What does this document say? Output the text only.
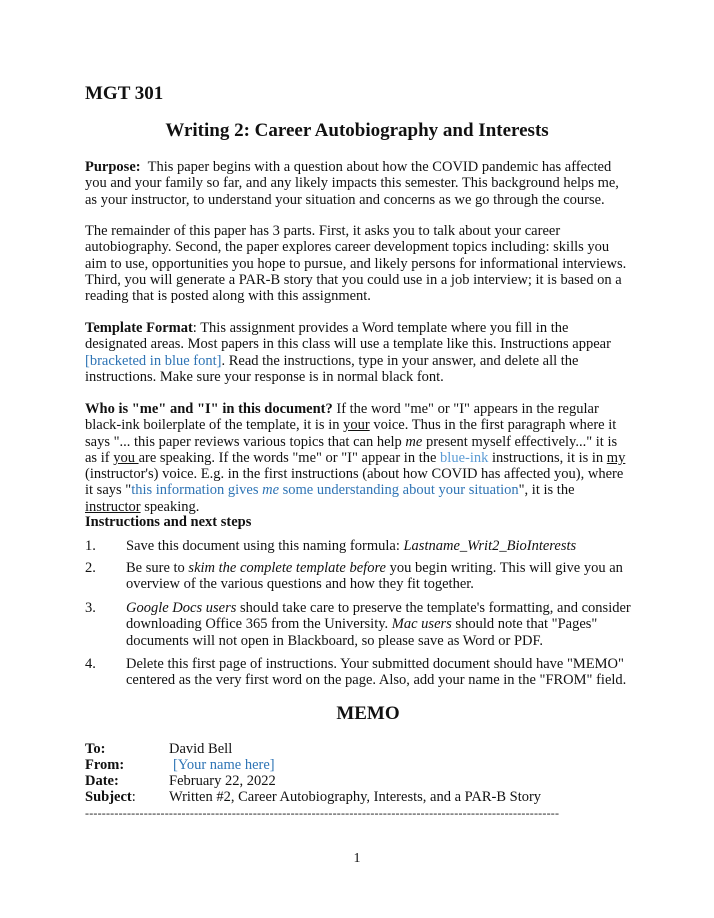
MGT 301
Writing 2: Career Autobiography and Interests

Purpose: This paper begins with a question about how the COVID pandemic has affected you and your family so far, and any likely impacts this semester. This background helps me, as your instructor, to understand your situation and concerns as we go through the course.

The remainder of this paper has 3 parts. First, it asks you to talk about your career autobiography. Second, the paper explores career development topics including: skills you aim to use, opportunities you hope to pursue, and likely persons for informational interviews. Third, you will generate a PAR-B story that you could use in a job interview; it is based on a reading that is posted along with this assignment.

Template Format: This assignment provides a Word template where you fill in the designated areas. Most papers in this class will use a template like this. Instructions appear [bracketed in blue font]. Read the instructions, type in your answer, and delete all the instructions. Make sure your response is in normal black font.

Who is "me" and "I" in this document? If the word "me" or "I" appears in the regular black-ink boilerplate of the template, it is in your voice. Thus in the first paragraph where it says "... this paper reviews various topics that can help me present myself effectively..." it is as if you are speaking. If the words "me" or "I" appear in the blue-ink instructions, it is in my (instructor's) voice. E.g. in the first instructions (about how COVID has affected you), where it says "this information gives me some understanding about your situation", it is the instructor speaking.

Instructions and next steps
1.	Save this document using this naming formula: Lastname_Writ2_BioInterests
2.	Be sure to skim the complete template before you begin writing. This will give you an overview of the various questions and how they fit together.
3.	Google Docs users should take care to preserve the template's formatting, and consider downloading Office 365 from the University. Mac users should note that "Pages" documents will not open in Blackboard, so please save as Word or PDF.
4.	Delete this first page of instructions. Your submitted document should have "MEMO" centered as the very first word on the page. Also, add your name in the "FROM" field.
MEMO
To:	David Bell
From:	[Your name here]
Date:	February 22, 2022
Subject:	Written #2, Career Autobiography, Interests, and a PAR-B Story
-----------------------------------------------------------------------------------------------------------------
1
